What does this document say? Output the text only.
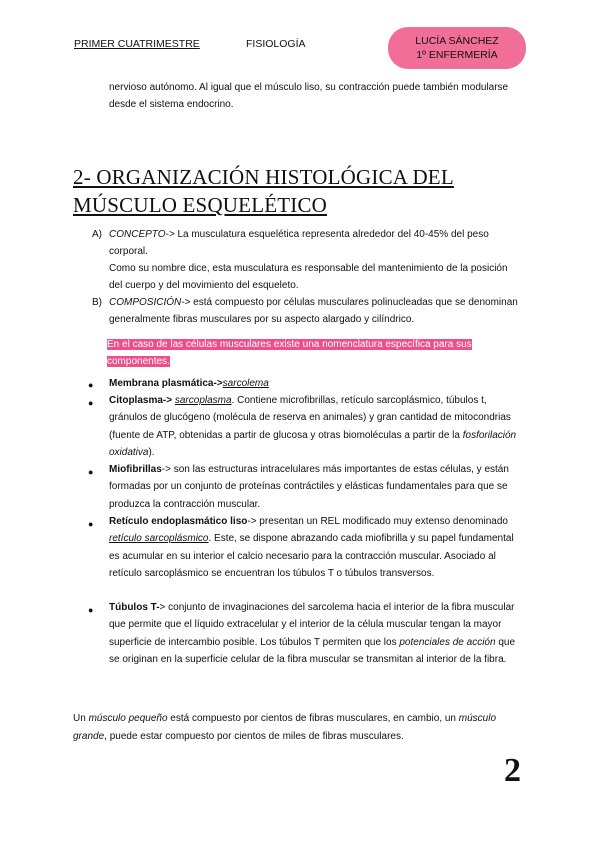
PRIMER CUATRIMESTRE	FISIOLOGÍA	LUCÍA SÁNCHEZ
1º ENFERMERÍA
nervioso autónomo. Al igual que el músculo liso, su contracción puede también modularse desde el sistema endocrino.
2- ORGANIZACIÓN HISTOLÓGICA DEL MÚSCULO ESQUELÉTICO
A) CONCEPTO-> La musculatura esquelética representa alrededor del 40-45% del peso corporal.
Como su nombre dice, esta musculatura es responsable del mantenimiento de la posición del cuerpo y del movimiento del esqueleto.
B) COMPOSICIÓN-> está compuesto por células musculares polinucleadas que se denominan generalmente fibras musculares por su aspecto alargado y cilíndrico.
En el caso de las células musculares existe una nomenclatura específica para sus componentes.
● Membrana plasmática->sarcolema
● Citoplasma-> sarcoplasma. Contiene microfibrillas, retículo sarcoplásmico, túbulos t, gránulos de glucógeno (molécula de reserva en animales) y gran cantidad de mitocondrias (fuente de ATP, obtenidas a partir de glucosa y otras biomoléculas a partir de la fosforilación oxidativa).
● Miofibrillas-> son las estructuras intracelulares más importantes de estas células, y están formadas por un conjunto de proteínas contráctiles y elásticas fundamentales para que se produzca la contracción muscular.
● Retículo endoplasmático liso-> presentan un REL modificado muy extenso denominado retículo sarcoplásmico. Este, se dispone abrazando cada miofibrilla y su papel fundamental es acumular en su interior el calcio necesario para la contracción muscular. Asociado al retículo sarcoplásmico se encuentran los túbulos T o túbulos transversos.
● Túbulos T-> conjunto de invaginaciones del sarcolema hacia el interior de la fibra muscular que permite que el líquido extracelular y el interior de la célula muscular tengan la mayor superficie de intercambio posible. Los túbulos T permiten que los potenciales de acción que se originan en la superficie celular de la fibra muscular se transmitan al interior de la fibra.
Un músculo pequeño está compuesto por cientos de fibras musculares, en cambio, un músculo grande, puede estar compuesto por cientos de miles de fibras musculares.
2
